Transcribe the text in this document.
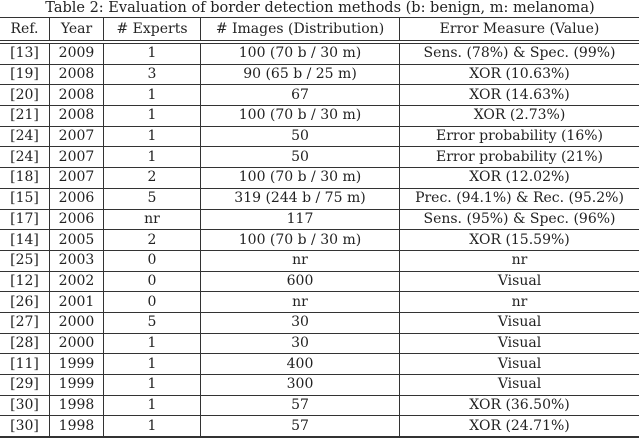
Table 2: Evaluation of border detection methods (b: benign, m: melanoma)
Ref.	Year	# Experts	# Images (Distribution)	Error Measure (Value)
[13]	2009	1	100 (70 b / 30 m)	Sens. (78%) & Spec. (99%)
[19]	2008	3	90 (65 b / 25 m)	XOR (10.63%)
[20]	2008	1	67	XOR (14.63%)
[21]	2008	1	100 (70 b / 30 m)	XOR (2.73%)
[24]	2007	1	50	Error probability (16%)
[24]	2007	1	50	Error probability (21%)
[18]	2007	2	100 (70 b / 30 m)	XOR (12.02%)
[15]	2006	5	319 (244 b / 75 m)	Prec. (94.1%) & Rec. (95.2%)
[17]	2006	nr	117	Sens. (95%) & Spec. (96%)
[14]	2005	2	100 (70 b / 30 m)	XOR (15.59%)
[25]	2003	0	nr	nr
[12]	2002	0	600	Visual
[26]	2001	0	nr	nr
[27]	2000	5	30	Visual
[28]	2000	1	30	Visual
[11]	1999	1	400	Visual
[29]	1999	1	300	Visual
[30]	1998	1	57	XOR (36.50%)
[30]	1998	1	57	XOR (24.71%)
